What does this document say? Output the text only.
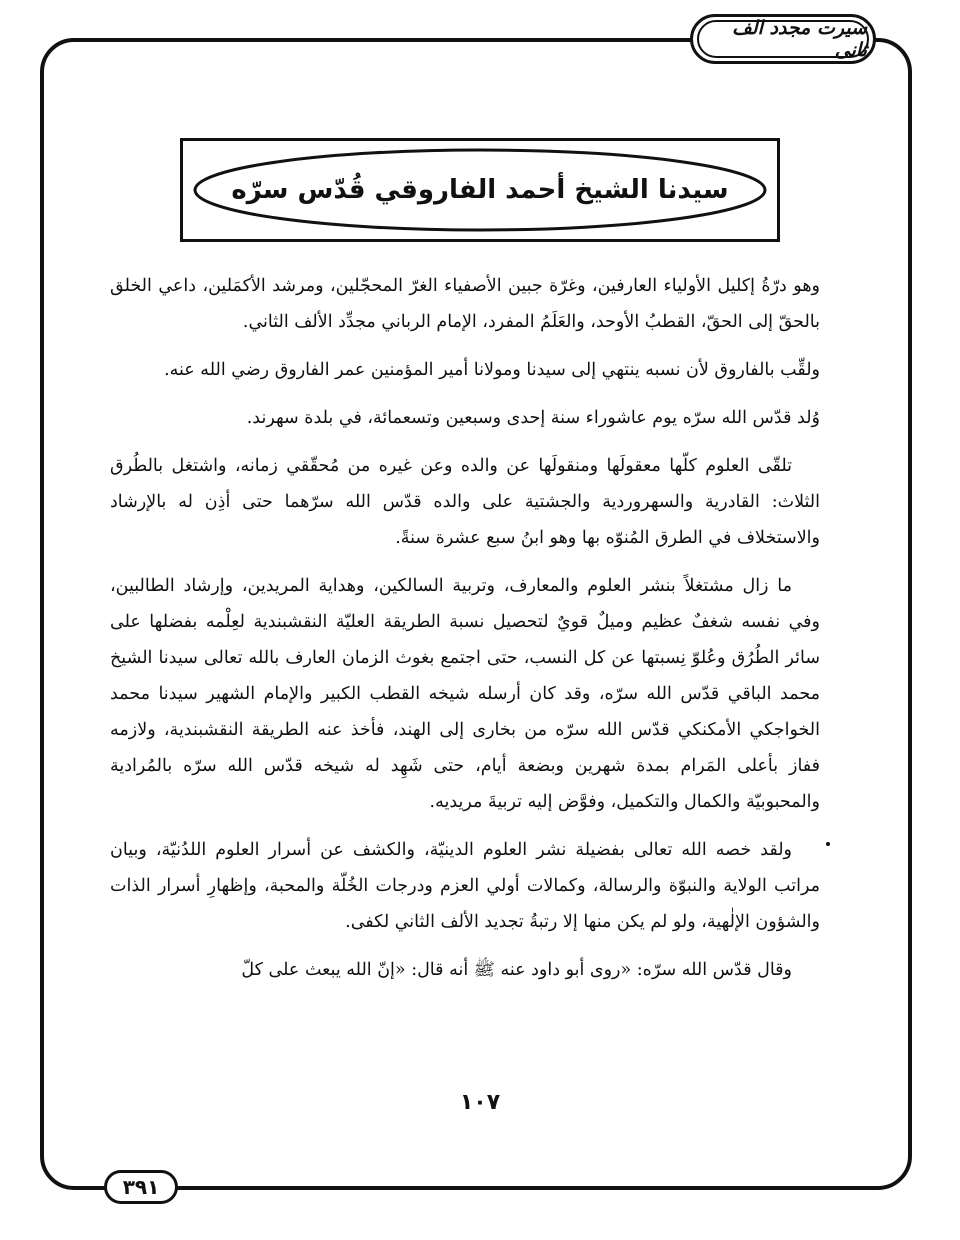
سیرت مجدد الف ثانی
سيدنا الشيخ أحمد الفاروقي قُدّس سرّه

وهو درّةُ إكليل الأولياء العارفين، وغرّة جبين الأصفياء الغرّ المحجّلين، ومرشد الأكمَلين، داعي الخلق بالحقّ إلى الحقّ، القطبُ الأوحد، والعَلَمُ المفرد، الإمام الرباني مجدِّد الألف الثاني.

ولقِّب بالفاروق لأن نسبه ينتهي إلى سيدنا ومولانا أمير المؤمنين عمر الفاروق رضي الله عنه.

وُلد قدّس الله سرّه يوم عاشوراء سنة إحدى وسبعين وتسعمائة، في بلدة سهرند.

تلقّى العلوم كلّها معقولَها ومنقولَها عن والده وعن غيره من مُحقّقي زمانه، واشتغل بالطُرق الثلاث: القادرية والسهروردية والجشتية على والده قدّس الله سرّهما حتى أذِن له بالإرشاد والاستخلاف في الطرق المُنوّه بها وهو ابنُ سبع عشرة سنةً.

ما زال مشتغلاً بنشر العلوم والمعارف، وتربية السالكين، وهداية المريدين، وإرشاد الطالبين، وفي نفسه شغفٌ عظيم وميلٌ قويٌ لتحصيل نسبة الطريقة العليّة النقشبندية لعِلْمه بفضلها على سائر الطُرُق وعُلوّ نِسبتها عن كل النسب، حتى اجتمع بغوث الزمان العارف بالله تعالى سيدنا الشيخ محمد الباقي قدّس الله سرّه، وقد كان أرسله شيخه القطب الكبير والإمام الشهير سيدنا محمد الخواجكي الأمكنكي قدّس الله سرّه من بخارى إلى الهند، فأخذ عنه الطريقة النقشبندية، ولازمه ففاز بأعلى المَرام بمدة شهرين وبضعة أيام، حتى شَهِد له شيخه قدّس الله سرّه بالمُرادية والمحبوبيّة والكمال والتكميل، وفوَّض إليه تربيةَ مريديه.

ولقد خصه الله تعالى بفضيلة نشر العلوم الدينيّة، والكشف عن أسرار العلوم اللدُنيّة، وبيان مراتب الولاية والنبوّة والرسالة، وكمالات أولي العزم ودرجات الخُلّة والمحبة، وإظهارِ أسرار الذات والشؤون الإلٰهية، ولو لم يكن منها إلا رتبةُ تجديد الألف الثاني لكفى.

وقال قدّس الله سرّه: «روى أبو داود عنه ﷺ أنه قال: «إنّ الله يبعث على كلّ

١٠٧
٣٩١
